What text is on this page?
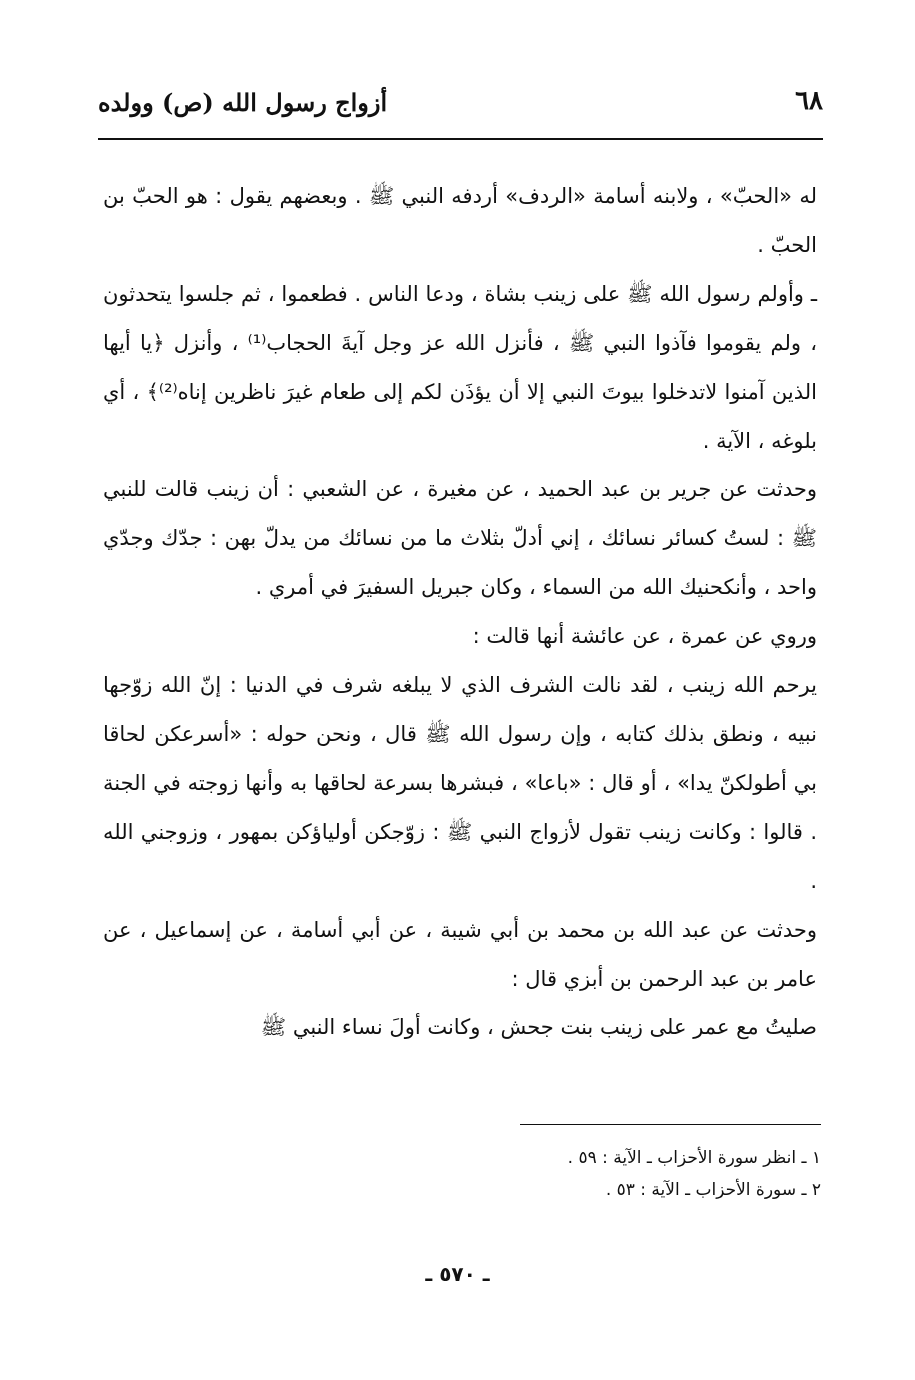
٦٨
أزواج رسول الله (ص) وولده

له «الحبّ» ، ولابنه أسامة «الردف» أردفه النبي ﷺ . وبعضهم يقول : هو الحبّ بن الحبّ .

ـ وأولم رسول الله ﷺ على زينب بشاة ، ودعا الناس . فطعموا ، ثم جلسوا يتحدثون ، ولم يقوموا فآذوا النبي ﷺ ، فأنزل الله عز وجل آيةَ الحجاب⁽¹⁾ ، وأنزل ﴿يا أيها الذين آمنوا لاتدخلوا بيوتَ النبي إلا أن يؤذَن لكم إلى طعام غيرَ ناظرين إناه⁽²⁾﴾ ، أي بلوغه ، الآية .

وحدثت عن جرير بن عبد الحميد ، عن مغيرة ، عن الشعبي : أن زينب قالت للنبي ﷺ : لستُ كسائر نسائك ، إني أدلّ بثلاث ما من نسائك من يدلّ بهن : جدّك وجدّي واحد ، وأنكحنيك الله من السماء ، وكان جبريل السفيرَ في أمري .

وروي عن عمرة ، عن عائشة أنها قالت :

يرحم الله زينب ، لقد نالت الشرف الذي لا يبلغه شرف في الدنيا : إنّ الله زوّجها نبيه ، ونطق بذلك كتابه ، وإن رسول الله ﷺ قال ، ونحن حوله : «أسرعكن لحاقا بي أطولكنّ يدا» ، أو قال : «باعا» ، فبشرها بسرعة لحاقها به وأنها زوجته في الجنة . قالوا : وكانت زينب تقول لأزواج النبي ﷺ : زوّجكن أولياؤكن بمهور ، وزوجني الله .

وحدثت عن عبد الله بن محمد بن أبي شيبة ، عن أبي أسامة ، عن إسماعيل ، عن عامر بن عبد الرحمن بن أبزي قال :

صليتُ مع عمر على زينب بنت جحش ، وكانت أولَ نساء النبي ﷺ

١ ـ انظر سورة الأحزاب ـ الآية : ٥٩ .
٢ ـ سورة الأحزاب ـ الآية : ٥٣ .
ـ ٥٧٠ ـ
